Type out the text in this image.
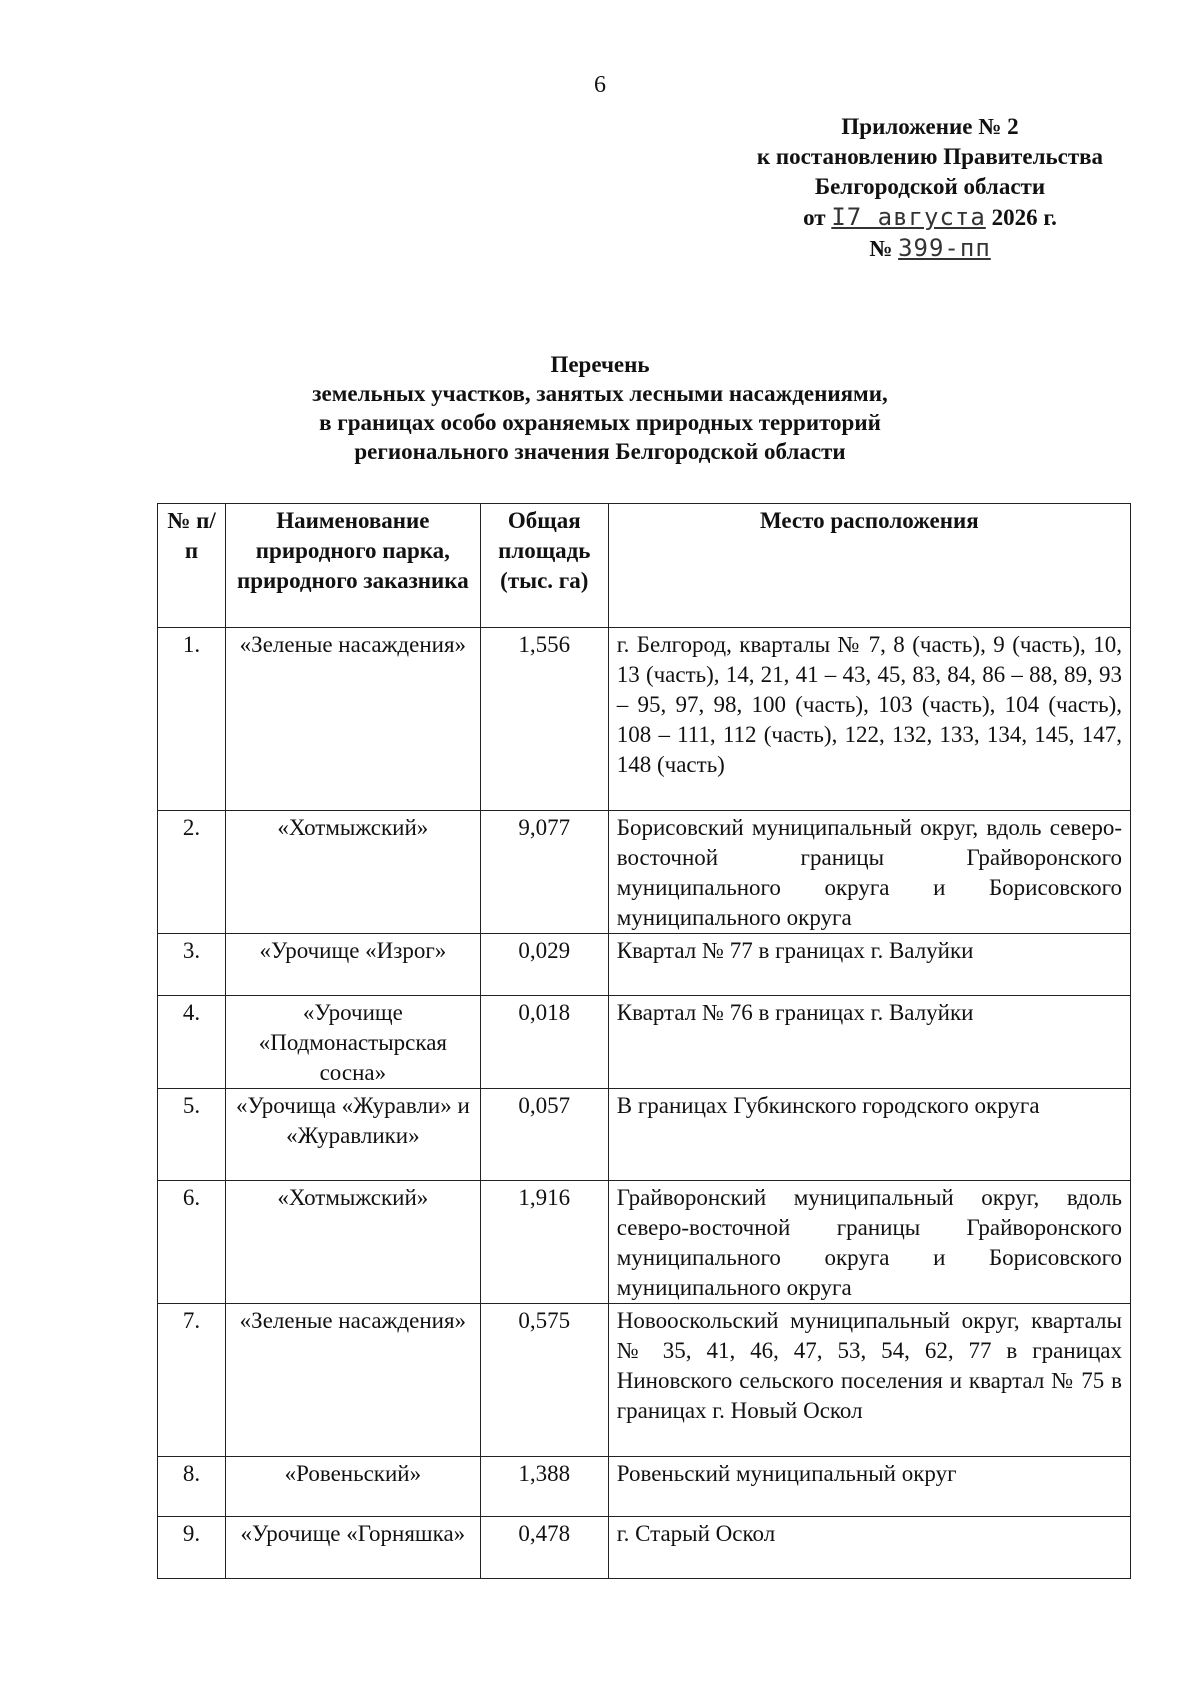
6
Приложение № 2
к постановлению Правительства
Белгородской области
от I7 августа 2026 г.
№ 399-пп
Перечень
земельных участков, занятых лесными насаждениями,
в границах особо охраняемых природных территорий
регионального значения Белгородской области
№ п/п	Наименование природного парка, природного заказника	Общая площадь (тыс. га)	Место расположения
1.	«Зеленые насаждения»	1,556	г. Белгород, кварталы № 7, 8 (часть), 9 (часть), 10, 13 (часть), 14, 21, 41 – 43, 45, 83, 84, 86 – 88, 89, 93 – 95, 97, 98, 100 (часть), 103 (часть), 104 (часть), 108 – 111, 112 (часть), 122, 132, 133, 134, 145, 147, 148 (часть)
2.	«Хотмыжский»	9,077	Борисовский муниципальный округ, вдоль северо-восточной границы Грайворонского муниципального округа и Борисовского муниципального округа
3.	«Урочище «Изрог»	0,029	Квартал № 77 в границах г. Валуйки
4.	«Урочище «Подмонастырская сосна»	0,018	Квартал № 76 в границах г. Валуйки
5.	«Урочища «Журавли» и «Журавлики»	0,057	В границах Губкинского городского округа
6.	«Хотмыжский»	1,916	Грайворонский муниципальный округ, вдоль северо-восточной границы Грайворонского муниципального округа и Борисовского муниципального округа
7.	«Зеленые насаждения»	0,575	Новооскольский муниципальный округ, кварталы № 35, 41, 46, 47, 53, 54, 62, 77 в границах Ниновского сельского поселения и квартал № 75 в границах г. Новый Оскол
8.	«Ровеньский»	1,388	Ровеньский муниципальный округ
9.	«Урочище «Горняшка»	0,478	г. Старый Оскол
